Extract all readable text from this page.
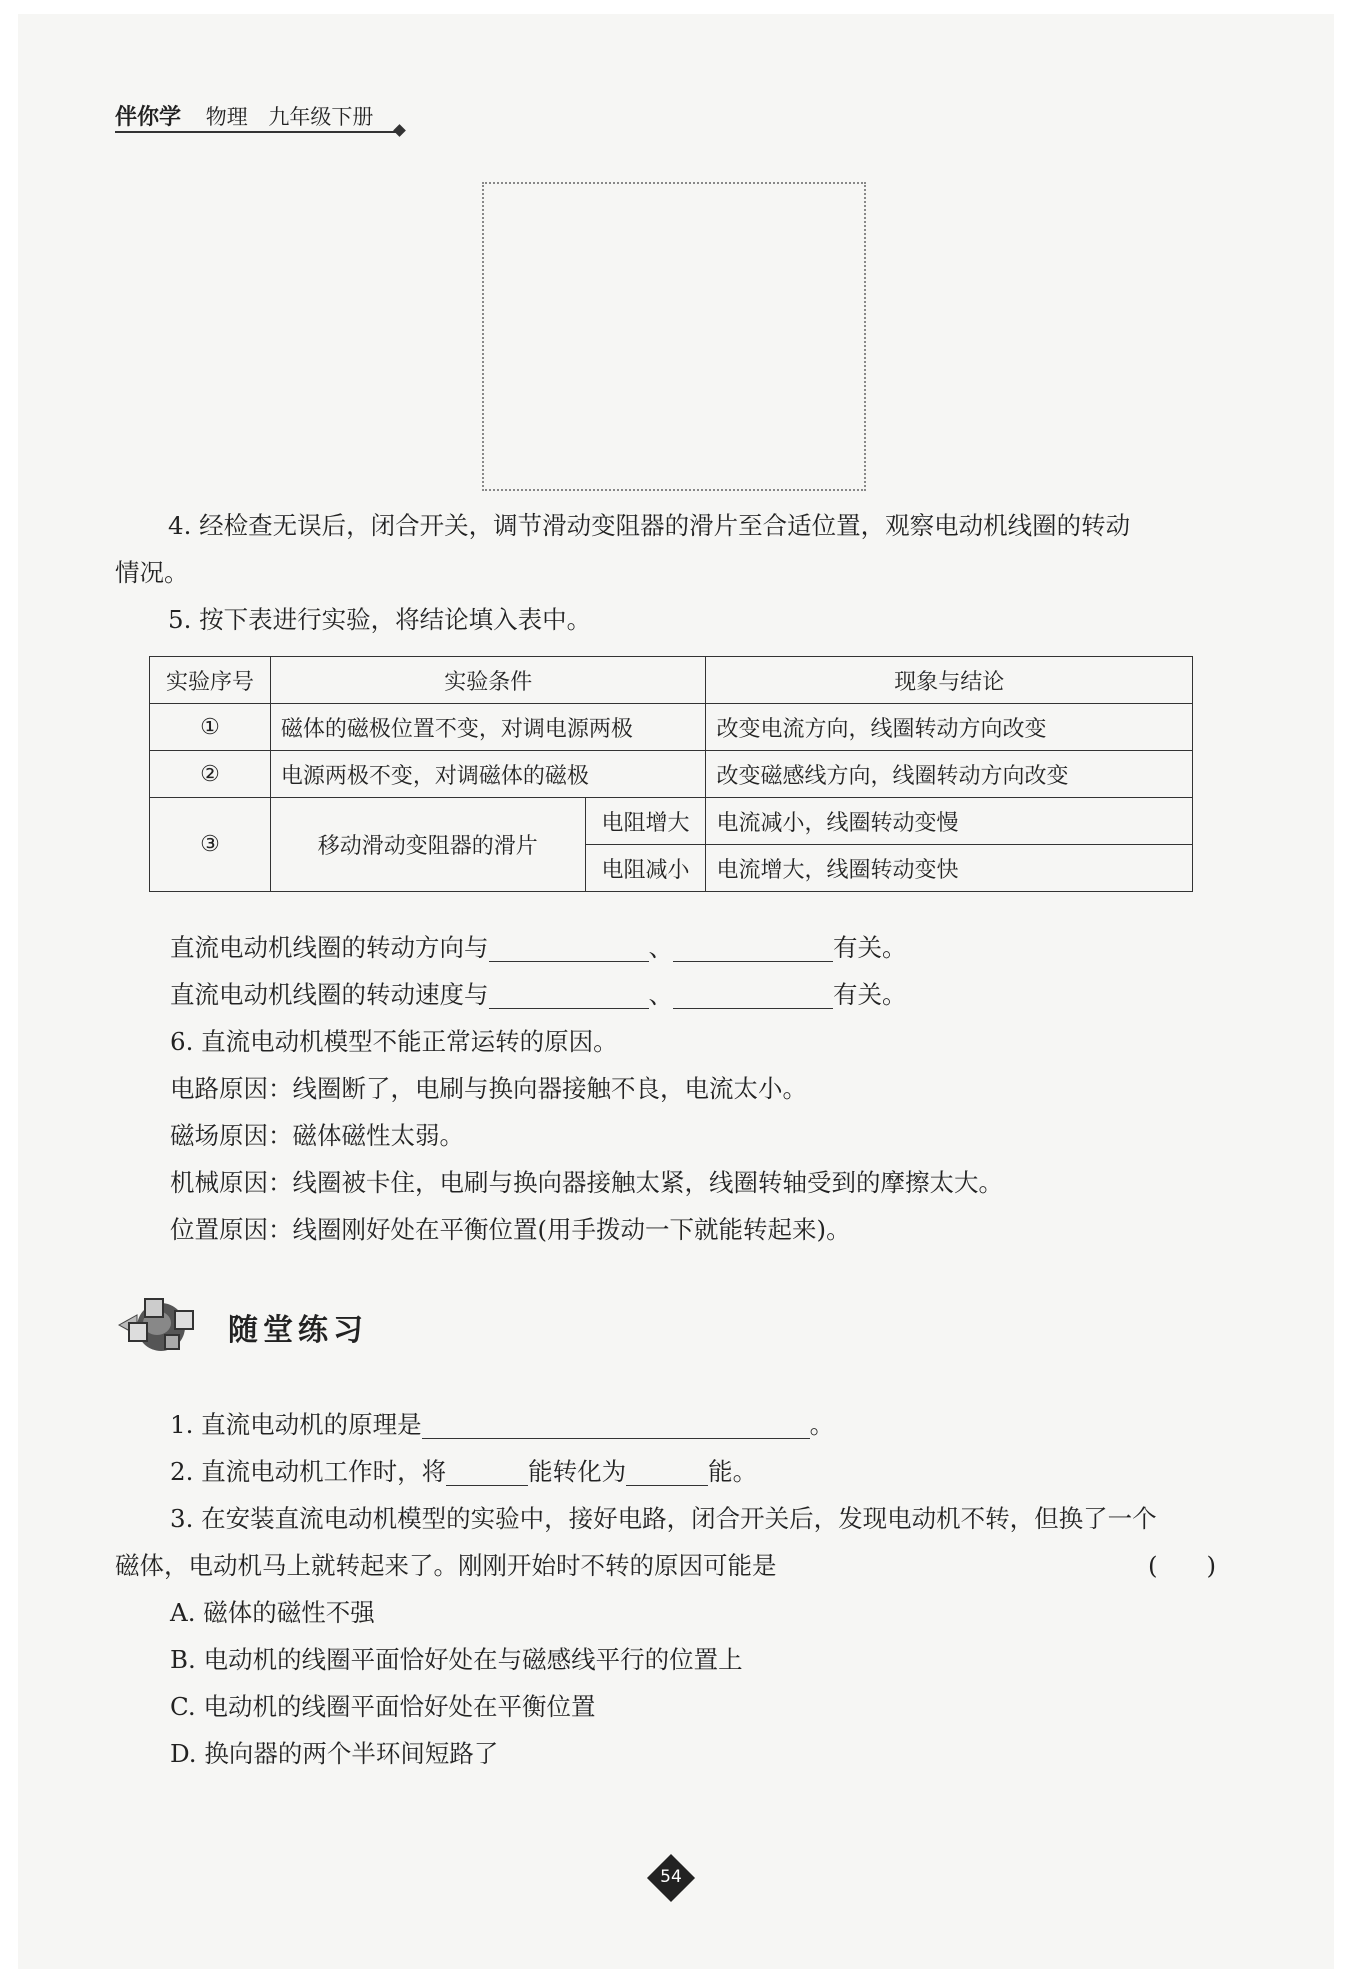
伴你学 物理 九年级下册
4. 经检查无误后，闭合开关，调节滑动变阻器的滑片至合适位置，观察电动机线圈的转动
情况。
5. 按下表进行实验，将结论填入表中。
实验序号	实验条件		现象与结论
①	磁体的磁极位置不变，对调电源两极		改变电流方向，线圈转动方向改变
②	电源两极不变，对调磁体的磁极		改变磁感线方向，线圈转动方向改变
③	移动滑动变阻器的滑片	电阻增大	电流减小，线圈转动变慢
		电阻减小	电流增大，线圈转动变快
直流电动机线圈的转动方向与	、	有关。
直流电动机线圈的转动速度与	、	有关。
6. 直流电动机模型不能正常运转的原因。
电路原因：线圈断了，电刷与换向器接触不良，电流太小。
磁场原因：磁体磁性太弱。
机械原因：线圈被卡住，电刷与换向器接触太紧，线圈转轴受到的摩擦太大。
位置原因：线圈刚好处在平衡位置(用手拨动一下就能转起来)。
随堂练习
1. 直流电动机的原理是	。
2. 直流电动机工作时，将	能转化为	能。
3. 在安装直流电动机模型的实验中，接好电路，闭合开关后，发现电动机不转，但换了一个
磁体，电动机马上就转起来了。刚刚开始时不转的原因可能是	(　　)
A. 磁体的磁性不强
B. 电动机的线圈平面恰好处在与磁感线平行的位置上
C. 电动机的线圈平面恰好处在平衡位置
D. 换向器的两个半环间短路了
54
